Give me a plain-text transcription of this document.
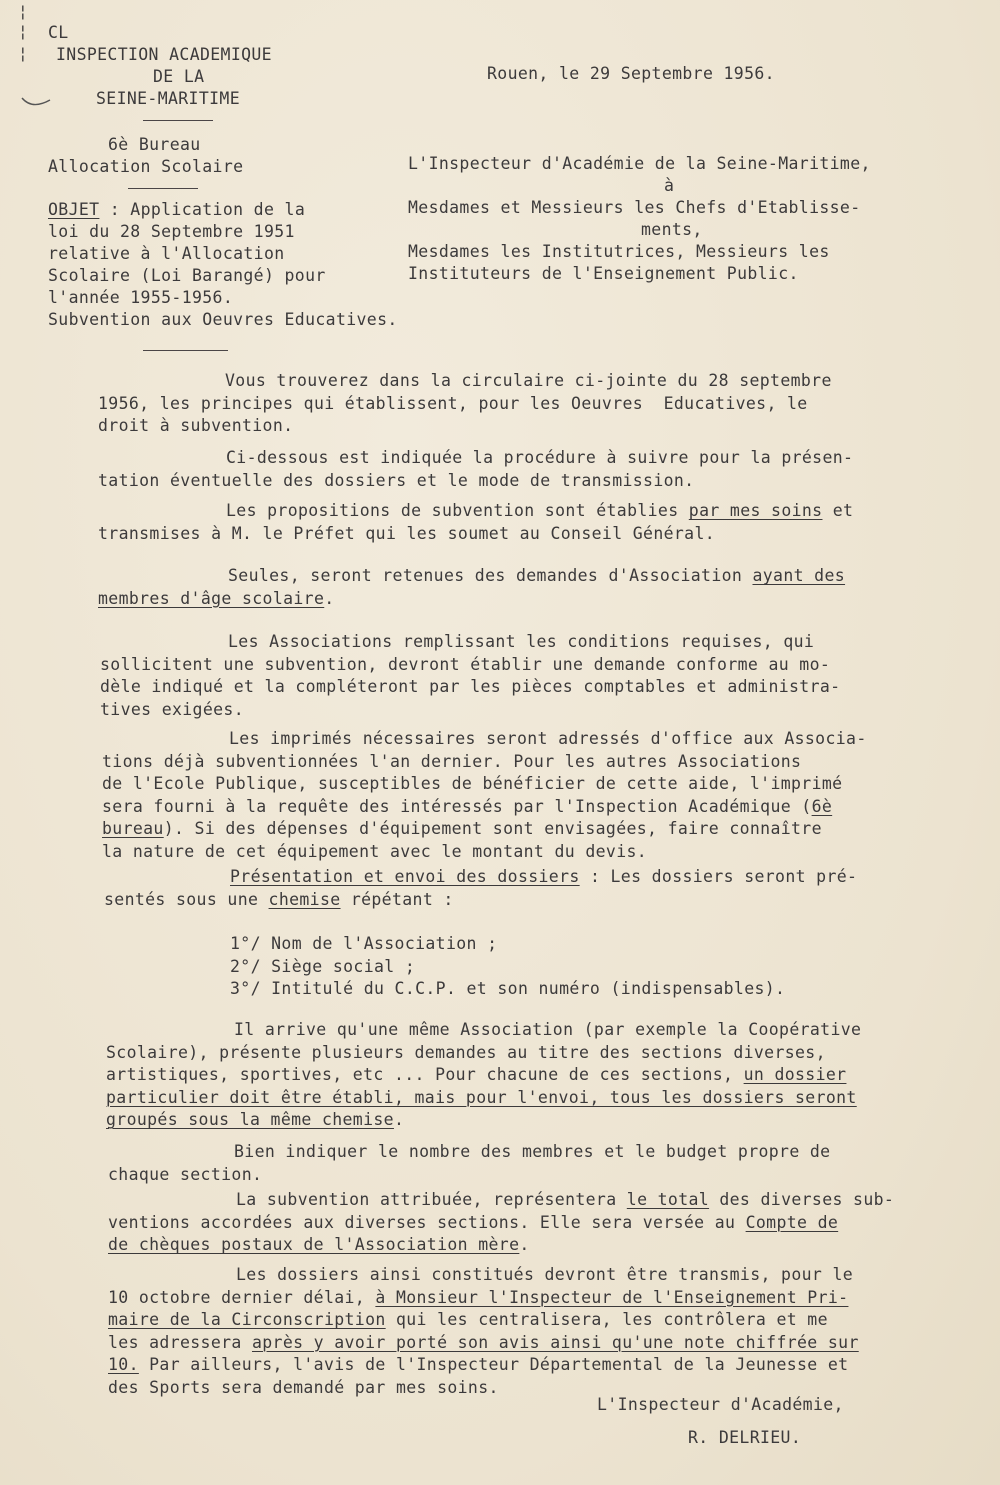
¦
¦
¦
CL
INSPECTION ACADEMIQUE
DE LA
SEINE-MARITIME
6è Bureau
Allocation Scolaire
Rouen, le 29 Septembre 1956.
L'Inspecteur d'Académie de la Seine-Maritime,
à
Mesdames et Messieurs les Chefs d'Etablisse-
ments,
Mesdames les Institutrices, Messieurs les
Instituteurs de l'Enseignement Public.
OBJET : Application de la
loi du 28 Septembre 1951
relative à l'Allocation
Scolaire (Loi Barangé) pour
l'année 1955-1956.
Subvention aux Oeuvres Educatives.
Vous trouverez dans la circulaire ci-jointe du 28 septembre
1956, les principes qui établissent, pour les Oeuvres  Educatives, le
droit à subvention.
Ci-dessous est indiquée la procédure à suivre pour la présen-
tation éventuelle des dossiers et le mode de transmission.
Les propositions de subvention sont établies par mes soins et
transmises à M. le Préfet qui les soumet au Conseil Général.
Seules, seront retenues des demandes d'Association ayant des
membres d'âge scolaire.
Les Associations remplissant les conditions requises, qui
sollicitent une subvention, devront établir une demande conforme au mo-
dèle indiqué et la compléteront par les pièces comptables et administra-
tives exigées.
Les imprimés nécessaires seront adressés d'office aux Associa-
tions déjà subventionnées l'an dernier. Pour les autres Associations
de l'Ecole Publique, susceptibles de bénéficier de cette aide, l'imprimé
sera fourni à la requête des intéressés par l'Inspection Académique (6è
bureau). Si des dépenses d'équipement sont envisagées, faire connaître
la nature de cet équipement avec le montant du devis.
Présentation et envoi des dossiers : Les dossiers seront pré-
sentés sous une chemise répétant :
1°/ Nom de l'Association ;
2°/ Siège social ;
3°/ Intitulé du C.C.P. et son numéro (indispensables).
Il arrive qu'une même Association (par exemple la Coopérative
Scolaire), présente plusieurs demandes au titre des sections diverses,
artistiques, sportives, etc ... Pour chacune de ces sections, un dossier
particulier doit être établi, mais pour l'envoi, tous les dossiers seront
groupés sous la même chemise.
Bien indiquer le nombre des membres et le budget propre de
chaque section.
La subvention attribuée, représentera le total des diverses sub-
ventions accordées aux diverses sections. Elle sera versée au Compte de
de chèques postaux de l'Association mère.
Les dossiers ainsi constitués devront être transmis, pour le
10 octobre dernier délai, à Monsieur l'Inspecteur de l'Enseignement Pri-
maire de la Circonscription qui les centralisera, les contrôlera et me
les adressera après y avoir porté son avis ainsi qu'une note chiffrée sur
10. Par ailleurs, l'avis de l'Inspecteur Départemental de la Jeunesse et
des Sports sera demandé par mes soins.
L'Inspecteur d'Académie,
R. DELRIEU.
